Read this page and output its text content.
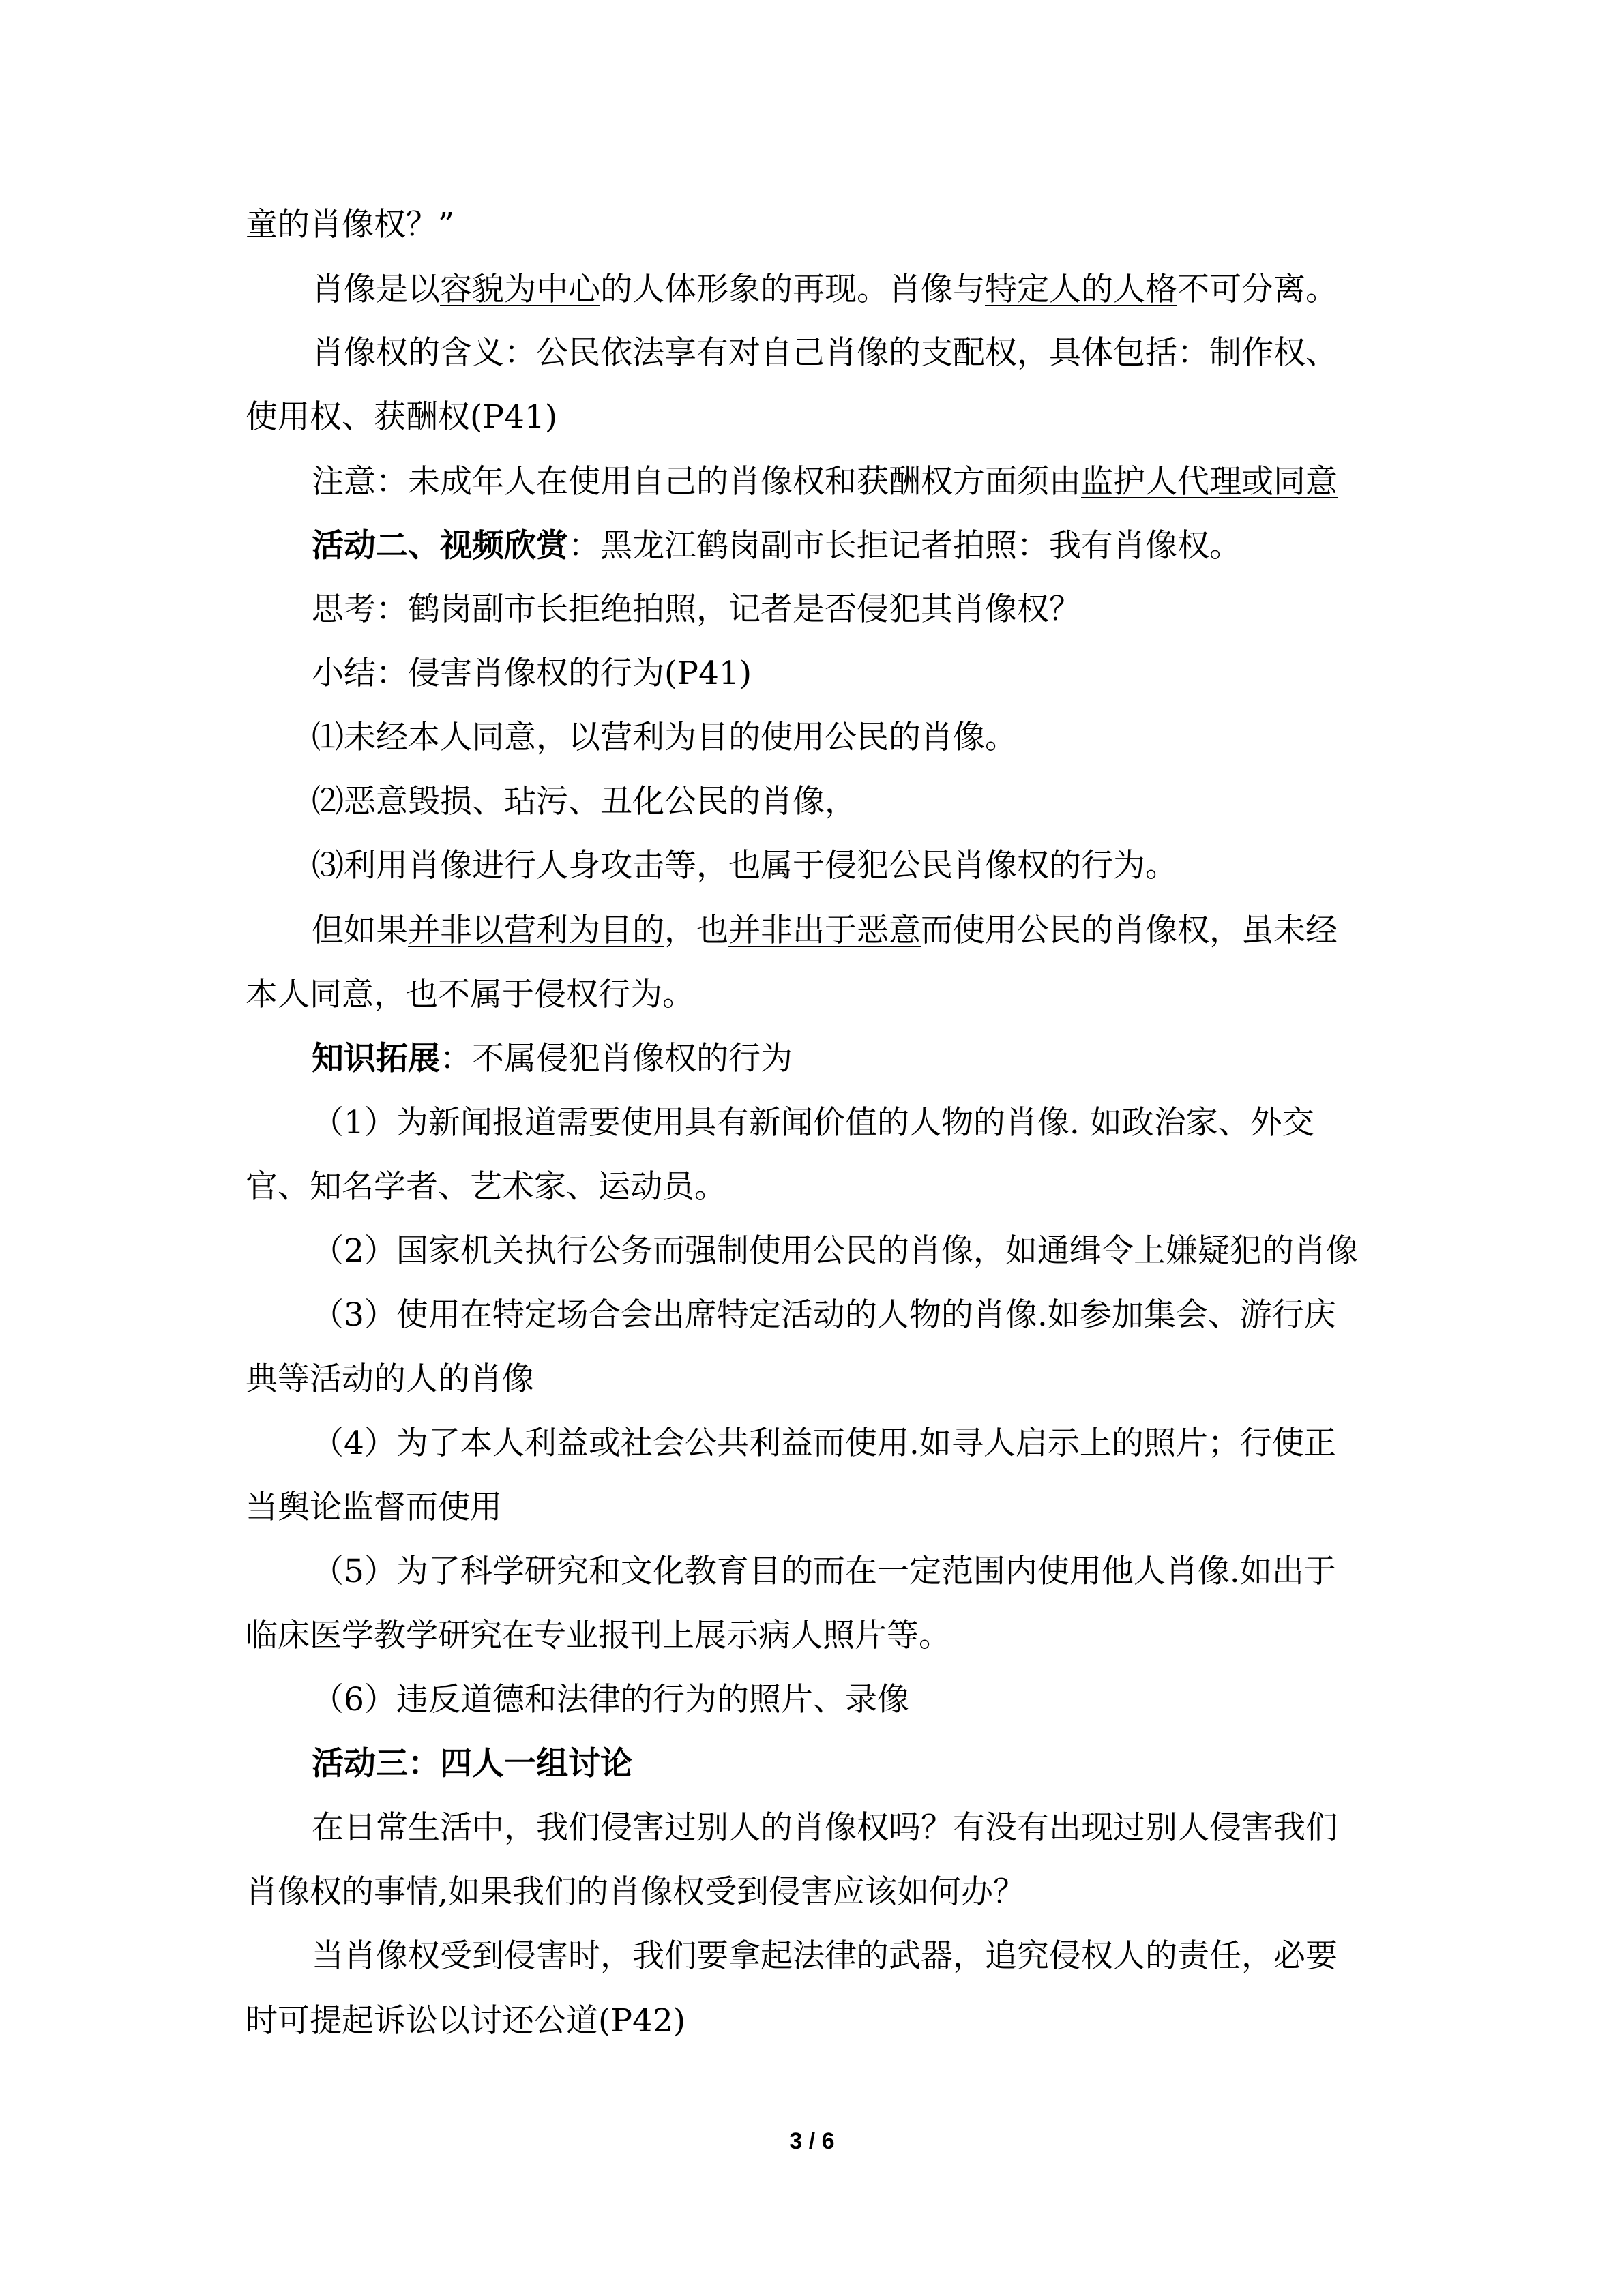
童的肖像权？”
肖像是以容貌为中心的人体形象的再现。肖像与特定人的人格不可分离。
肖像权的含义：公民依法享有对自己肖像的支配权，具体包括：制作权、
使用权、获酬权(P41)
注意：未成年人在使用自己的肖像权和获酬权方面须由监护人代理或同意
活动二、视频欣赏：黑龙江鹤岗副市长拒记者拍照：我有肖像权。
思考：鹤岗副市长拒绝拍照，记者是否侵犯其肖像权？
小结：侵害肖像权的行为(P41)
⑴未经本人同意，以营利为目的使用公民的肖像。
⑵恶意毁损、玷污、丑化公民的肖像，
⑶利用肖像进行人身攻击等，也属于侵犯公民肖像权的行为。
但如果并非以营利为目的，也并非出于恶意而使用公民的肖像权，虽未经
本人同意，也不属于侵权行为。
知识拓展：不属侵犯肖像权的行为
（1）为新闻报道需要使用具有新闻价值的人物的肖像. 如政治家、外交
官、知名学者、艺术家、运动员。
（2）国家机关执行公务而强制使用公民的肖像，如通缉令上嫌疑犯的肖像
（3）使用在特定场合会出席特定活动的人物的肖像.如参加集会、游行庆
典等活动的人的肖像
（4）为了本人利益或社会公共利益而使用.如寻人启示上的照片；行使正
当舆论监督而使用
（5）为了科学研究和文化教育目的而在一定范围内使用他人肖像.如出于
临床医学教学研究在专业报刊上展示病人照片等。
（6）违反道德和法律的行为的照片、录像
活动三：四人一组讨论
在日常生活中，我们侵害过别人的肖像权吗？有没有出现过别人侵害我们
肖像权的事情,如果我们的肖像权受到侵害应该如何办？
当肖像权受到侵害时，我们要拿起法律的武器，追究侵权人的责任，必要
时可提起诉讼以讨还公道(P42)
3 / 6
